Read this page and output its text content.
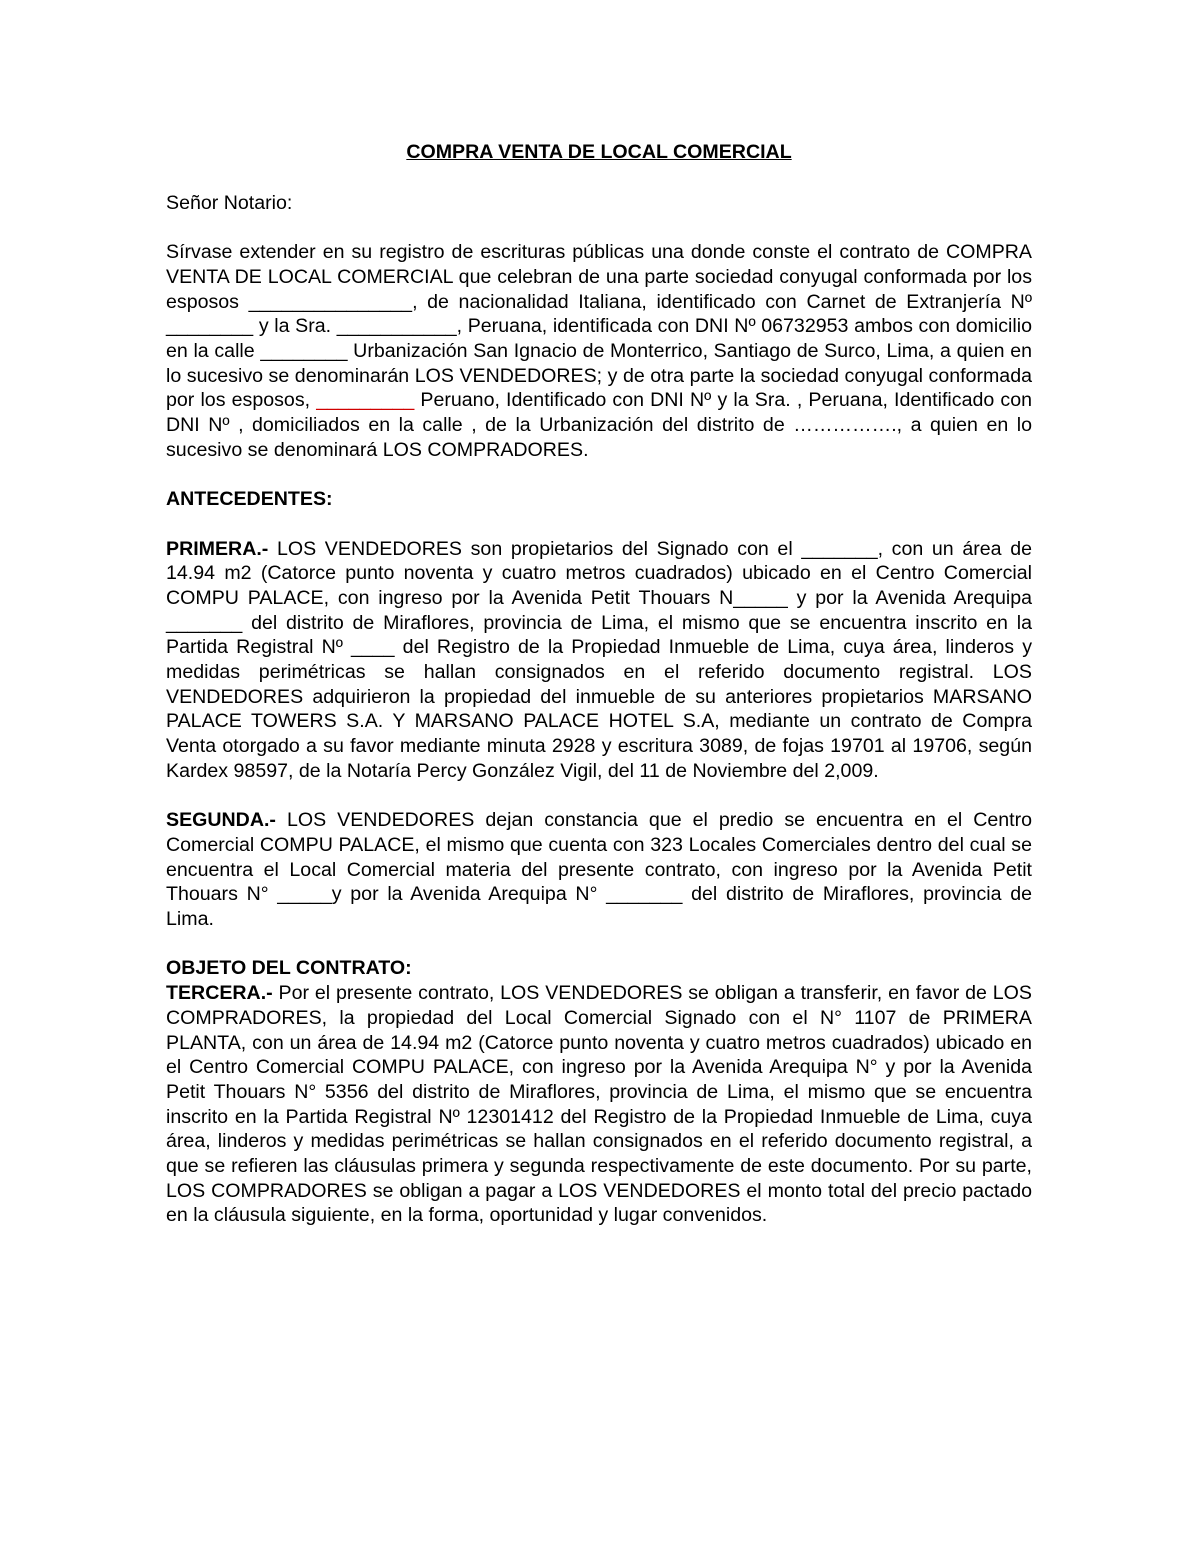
COMPRA VENTA DE LOCAL COMERCIAL
Señor Notario:

Sírvase extender en su registro de escrituras públicas una donde conste el contrato de COMPRA VENTA DE LOCAL COMERCIAL que celebran de una parte sociedad conyugal conformada por los esposos _______________, de nacionalidad Italiana, identificado con Carnet de Extranjería Nº ________ y la Sra. ___________, Peruana, identificada con DNI Nº 06732953 ambos con domicilio en la calle ________ Urbanización San Ignacio de Monterrico, Santiago de Surco, Lima, a quien en lo sucesivo se denominarán LOS VENDEDORES; y de otra parte la sociedad conyugal conformada por los esposos, _________ Peruano, Identificado con DNI Nº y la Sra. , Peruana, Identificado con DNI Nº , domiciliados en la calle , de la Urbanización del distrito de ……………., a quien en lo sucesivo se denominará LOS COMPRADORES.

ANTECEDENTES:

PRIMERA.- LOS VENDEDORES son propietarios del Signado con el _______, con un área de 14.94 m2 (Catorce punto noventa y cuatro metros cuadrados) ubicado en el Centro Comercial COMPU PALACE, con ingreso por la Avenida Petit Thouars N_____ y por la Avenida Arequipa _______ del distrito de Miraflores, provincia de Lima, el mismo que se encuentra inscrito en la Partida Registral Nº ____ del Registro de la Propiedad Inmueble de Lima, cuya área, linderos y medidas perimétricas se hallan consignados en el referido documento registral. LOS VENDEDORES adquirieron la propiedad del inmueble de su anteriores propietarios MARSANO PALACE TOWERS S.A. Y MARSANO PALACE HOTEL S.A, mediante un contrato de Compra Venta otorgado a su favor mediante minuta 2928 y escritura 3089, de fojas 19701 al 19706, según Kardex 98597, de la Notaría Percy González Vigil, del 11 de Noviembre del 2,009.

SEGUNDA.- LOS VENDEDORES dejan constancia que el predio se encuentra en el Centro Comercial COMPU PALACE, el mismo que cuenta con 323 Locales Comerciales dentro del cual se encuentra el Local Comercial materia del presente contrato, con ingreso por la Avenida Petit Thouars N° _____y por la Avenida Arequipa N° _______ del distrito de Miraflores, provincia de Lima.

OBJETO DEL CONTRATO:

TERCERA.- Por el presente contrato, LOS VENDEDORES se obligan a transferir, en favor de LOS COMPRADORES, la propiedad del Local Comercial Signado con el N° 1107 de PRIMERA PLANTA, con un área de 14.94 m2 (Catorce punto noventa y cuatro metros cuadrados) ubicado en el Centro Comercial COMPU PALACE, con ingreso por la Avenida Arequipa N° y por la Avenida Petit Thouars N° 5356 del distrito de Miraflores, provincia de Lima, el mismo que se encuentra inscrito en la Partida Registral Nº 12301412 del Registro de la Propiedad Inmueble de Lima, cuya área, linderos y medidas perimétricas se hallan consignados en el referido documento registral, a que se refieren las cláusulas primera y segunda respectivamente de este documento. Por su parte, LOS COMPRADORES se obligan a pagar a LOS VENDEDORES el monto total del precio pactado en la cláusula siguiente, en la forma, oportunidad y lugar convenidos.
